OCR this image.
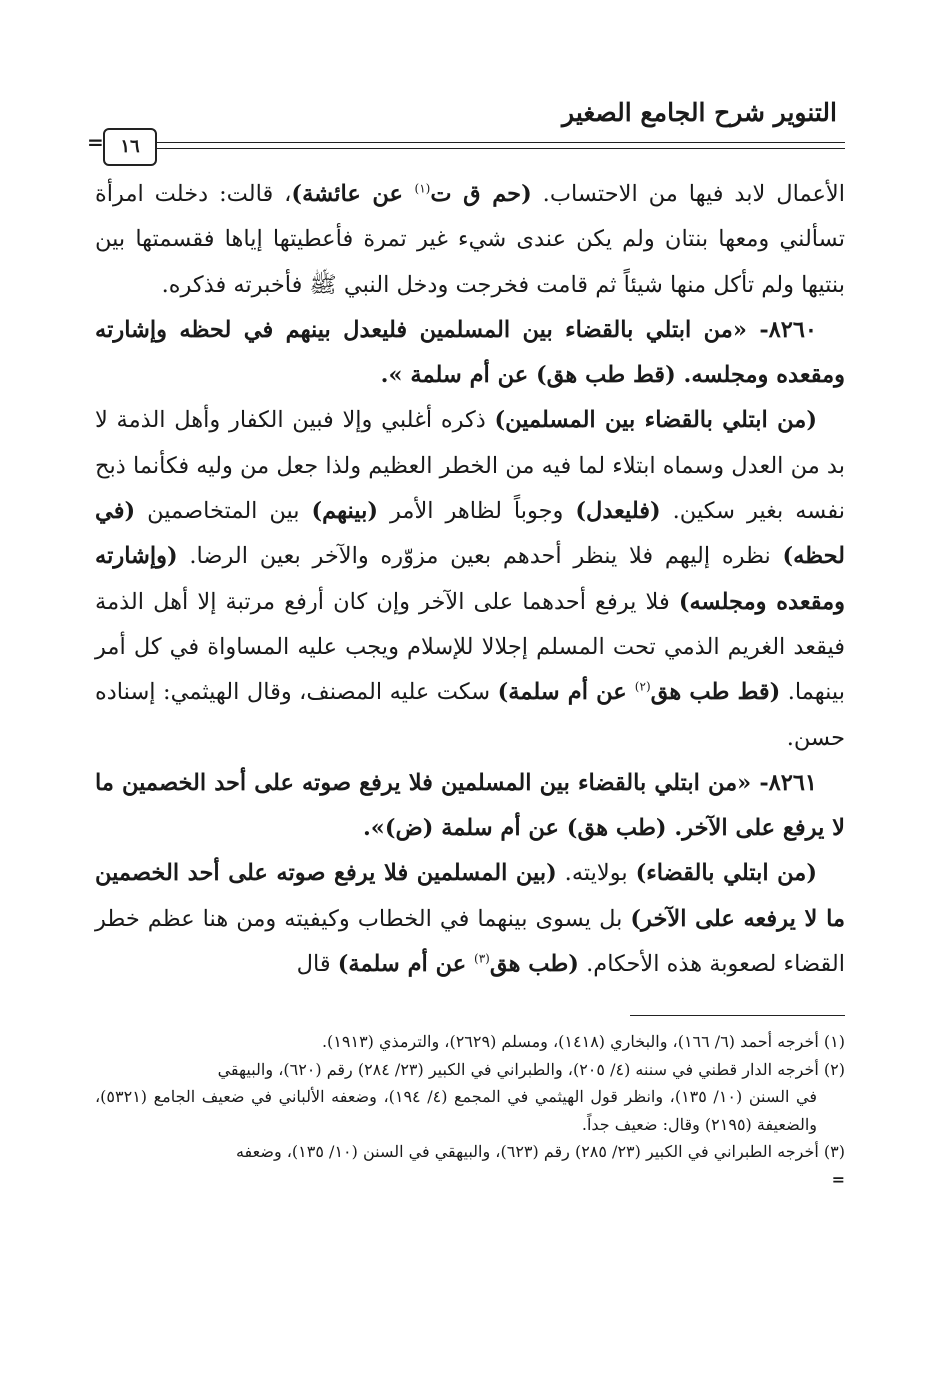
التنوير شرح الجامع الصغير
١٦
=

الأعمال لابد فيها من الاحتساب. (حم ق ت$^{(١)}$ عن عائشة)، قالت: دخلت امرأة تسألني ومعها بنتان ولم يكن عندى شيء غير تمرة فأعطيتها إياها فقسمتها بين بنتيها ولم تأكل منها شيئاً ثم قامت فخرجت ودخل النبي ﷺ فأخبرته فذكره.

٨٢٦٠- «من ابتلي بالقضاء بين المسلمين فليعدل بينهم في لحظه وإشارته ومقعده ومجلسه. (قط طب هق) عن أم سلمة ».

(من ابتلي بالقضاء بين المسلمين) ذكره أغلبي وإلا فبين الكفار وأهل الذمة لا بد من العدل وسماه ابتلاء لما فيه من الخطر العظيم ولذا جعل من وليه فكأنما ذبح نفسه بغير سكين. (فليعدل) وجوباً لظاهر الأمر (بينهم) بين المتخاصمين (في لحظه) نظره إليهم فلا ينظر أحدهم بعين مزوّره والآخر بعين الرضا. (وإشارته ومقعده ومجلسه) فلا يرفع أحدهما على الآخر وإن كان أرفع مرتبة إلا أهل الذمة فيقعد الغريم الذمي تحت المسلم إجلالا للإسلام ويجب عليه المساواة في كل أمر بينهما. (قط طب هق$^{(٢)}$ عن أم سلمة) سكت عليه المصنف، وقال الهيثمي: إسناده حسن.

٨٢٦١- «من ابتلي بالقضاء بين المسلمين فلا يرفع صوته على أحد الخصمين ما لا يرفع على الآخر. (طب هق) عن أم سلمة (ض)».

(من ابتلي بالقضاء) بولايته. (بين المسلمين فلا يرفع صوته على أحد الخصمين ما لا يرفعه على الآخر) بل يسوى بينهما في الخطاب وكيفيته ومن هنا عظم خطر القضاء لصعوبة هذه الأحكام. (طب هق$^{(٣)}$ عن أم سلمة) قال

(١) أخرجه أحمد (٦/ ١٦٦)، والبخاري (١٤١٨)، ومسلم (٢٦٢٩)، والترمذي (١٩١٣).

(٢) أخرجه الدار قطني في سننه (٤/ ٢٠٥)، والطبراني في الكبير (٢٣/ ٢٨٤) رقم (٦٢٠)، والبيهقي

في السنن (١٠/ ١٣٥)، وانظر قول الهيثمي في المجمع (٤/ ١٩٤)، وضعفه الألباني في ضعيف الجامع (٥٣٢١)، والضعيفة (٢١٩٥) وقال: ضعيف جداً.

(٣) أخرجه الطبراني في الكبير (٢٣/ ٢٨٥) رقم (٦٢٣)، والبيهقي في السنن (١٠/ ١٣٥)، وضعفه

=
